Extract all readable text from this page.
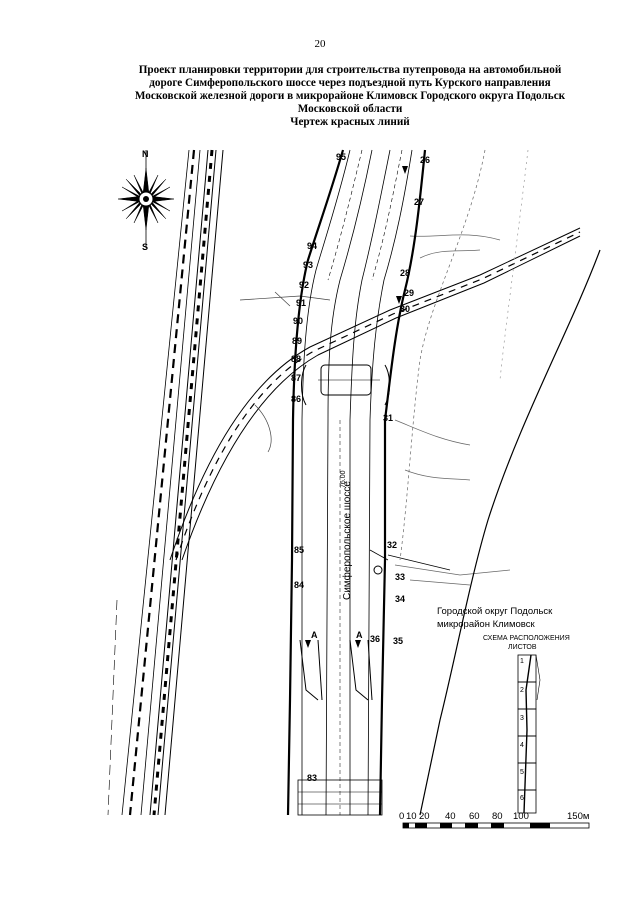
20
Проект планировки территории для строительства путепровода на автомобильной
дороге Симферопольского шоссе через подъездной путь Курского направления
Московской железной дороги в микрорайоне Климовск Городского округа Подольск
Московской области
Чертеж красных линий
N
S
A	A
Симферопольское шоссе
76.00
95
94
93
92
91
90
89
88
87
86
85
84
83
26
27
28
29
30
31
32
33
34
36 35
Городской округ Подольск
микрорайон Климовск
СХЕМА РАСПОЛОЖЕНИЯ
ЛИСТОВ
1
2
3
4
5
6
0 10 20 40 60 80 100	150м
